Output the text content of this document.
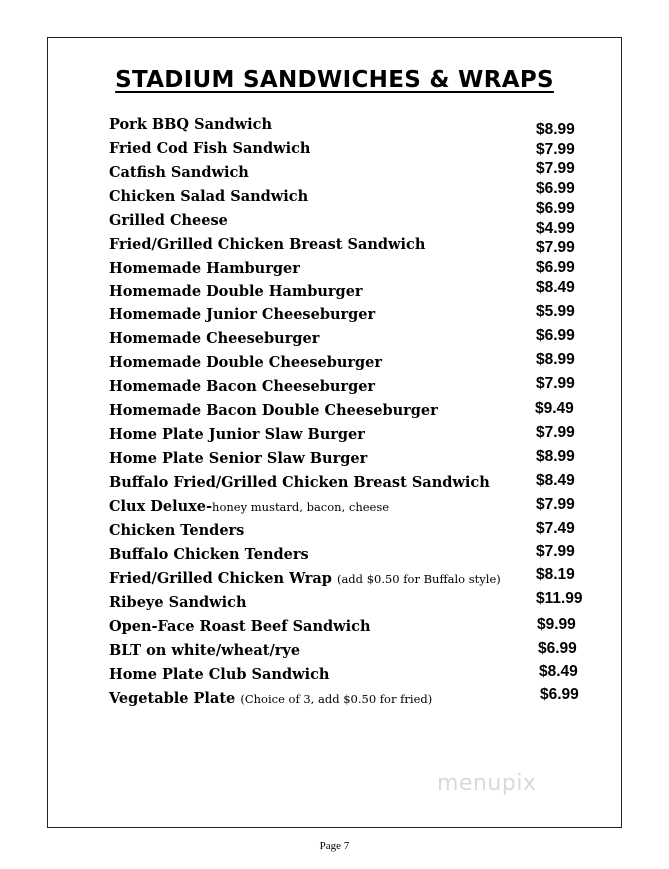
STADIUM SANDWICHES & WRAPS
Pork BBQ Sandwich
Fried Cod Fish Sandwich
Catfish Sandwich
Chicken Salad Sandwich
Grilled Cheese
Fried/Grilled Chicken Breast Sandwich
Homemade Hamburger
Homemade Double Hamburger
Homemade Junior Cheeseburger
Homemade Cheeseburger
Homemade Double Cheeseburger
Homemade Bacon Cheeseburger
Homemade Bacon Double Cheeseburger
Home Plate Junior Slaw Burger
Home Plate Senior Slaw Burger
Buffalo Fried/Grilled Chicken Breast Sandwich
Clux Deluxe-honey mustard, bacon, cheese
Chicken Tenders
Buffalo Chicken Tenders
Fried/Grilled Chicken Wrap (add $0.50 for Buffalo style)
Ribeye Sandwich
Open-Face Roast Beef Sandwich
BLT on white/wheat/rye
Home Plate Club Sandwich
Vegetable Plate (Choice of 3, add $0.50 for fried)
$8.99
$7.99
$7.99
$6.99
$6.99
$4.99
$7.99
$6.99
$8.49
$5.99
$6.99
$8.99
$7.99
$9.49
$7.99
$8.99
$8.49
$7.99
$7.49
$7.99
$8.19
$11.99
$9.99
$6.99
$8.49
$6.99
menupix
Page 7
